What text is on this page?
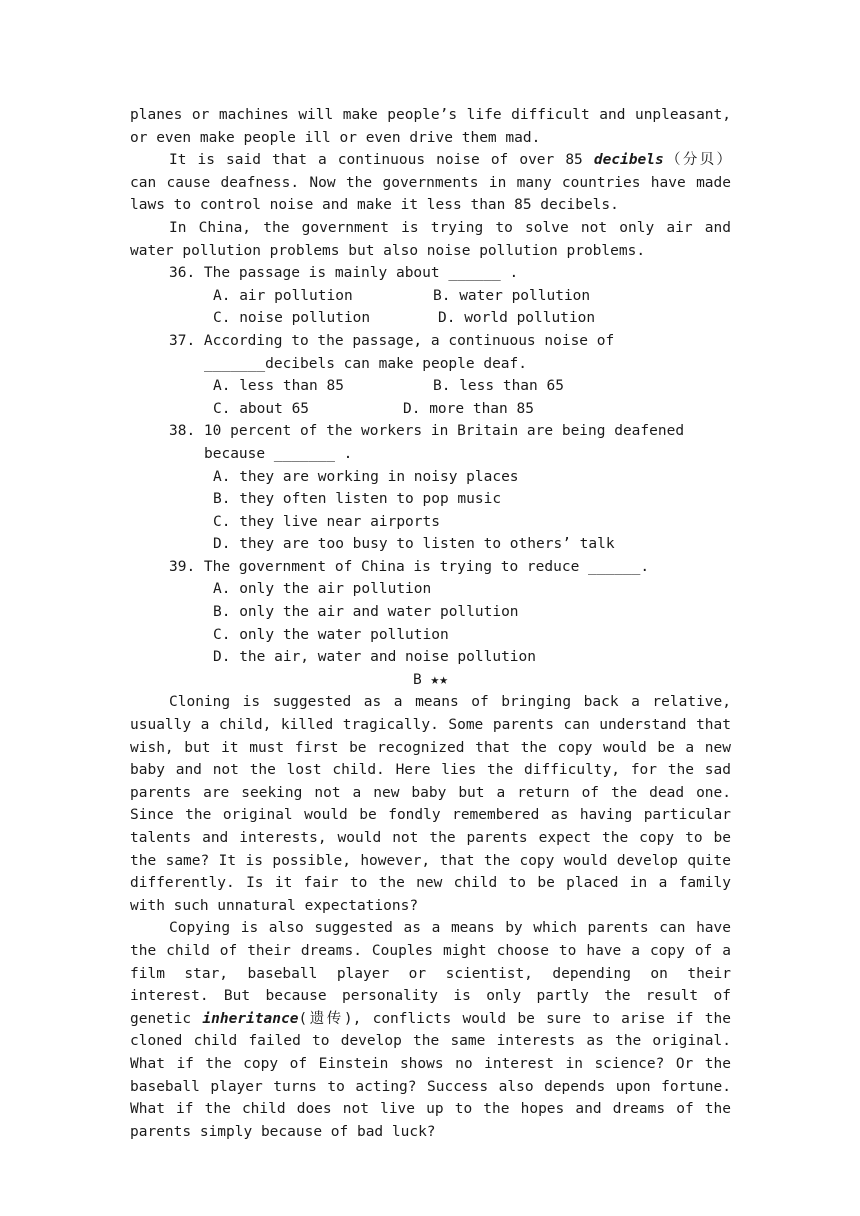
planes or machines will make people’s life difficult and unpleasant, or even make people ill or even drive them mad.

It is said that a continuous noise of over 85 decibels（分贝） can cause deafness. Now the governments in many countries have made laws to control noise and make it less than 85 decibels.

In China, the government is trying to solve not only air and water pollution problems but also noise pollution problems.

36. The passage is mainly about ______ .

A. air pollution	B. water pollution
C. noise pollution	D. world pollution

37. According to the passage, a continuous noise of _______decibels can make people deaf.

A. less than 85	B. less than 65
C. about 65	D. more than 85

38. 10 percent of the workers in Britain are being deafened because _______ .

A. they are working in noisy places

B. they often listen to pop music

C. they live near airports

D. they are too busy to listen to others’ talk

39. The government of China is trying to reduce ______.

A. only the air pollution

B. only the air and water pollution

C. only the water pollution

D. the air, water and noise pollution

B ★★

Cloning is suggested as a means of bringing back a relative, usually a child, killed tragically. Some parents can understand that wish, but it must first be recognized that the copy would be a new baby and not the lost child. Here lies the difficulty, for the sad parents are seeking not a new baby but a return of the dead one. Since the original would be fondly remembered as having particular talents and interests, would not the parents expect the copy to be the same? It is possible, however, that the copy would develop quite differently. Is it fair to the new child to be placed in a family with such unnatural expectations?

Copying is also suggested as a means by which parents can have the child of their dreams. Couples might choose to have a copy of a film star, baseball player or scientist, depending on their interest. But because personality is only partly the result of genetic inheritance(遗传), conflicts would be sure to arise if the cloned child failed to develop the same interests as the original. What if the copy of Einstein shows no interest in science? Or the baseball player turns to acting? Success also depends upon fortune. What if the child does not live up to the hopes and dreams of the parents simply because of bad luck?
